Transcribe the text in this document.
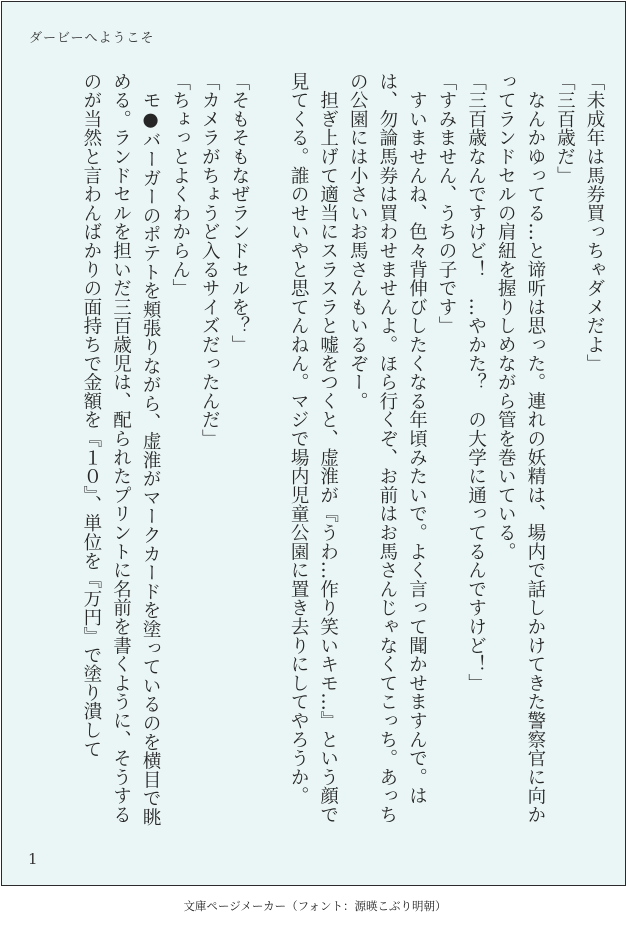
ダービーへようこそ

「未成年は馬券買っちゃダメだよ」

「三百歳だ」

　なんかゆってる…と谛听は思った。連れの妖精は、場内で話しかけてきた警察官に向かってランドセルの肩紐を握りしめながら管を巻いている。

「三百歳なんですけど！　…やかた？　の大学に通ってるんですけど！」

「すみません、うちの子です」

　すいませんね、色々背伸びしたくなる年頃みたいで。よく言って聞かせますんで。はは、勿論馬券は買わせませんよ。ほら行くぞ、お前はお馬さんじゃなくてこっち。あっちの公園には小さいお馬さんもいるぞー。

　担ぎ上げて適当にスラスラと嘘をつくと、虚淮が『うわ…作り笑いキモ…』という顔で見てくる。誰のせいやと思てんねん。マジで場内児童公園に置き去りにしてやろうか。

「そもそもなぜランドセルを？」

「カメラがちょうど入るサイズだったんだ」

「ちょっとよくわからん」

　モ●バーガーのポテトを頬張りながら、虚淮がマークカードを塗っているのを横目で眺める。ランドセルを担いだ三百歳児は、配られたプリントに名前を書くように、そうするのが当然と言わんばかりの面持ちで金額を『１０』、単位を『万円』で塗り潰して

1
文庫ページメーカー（フォント：源暎こぶり明朝）
